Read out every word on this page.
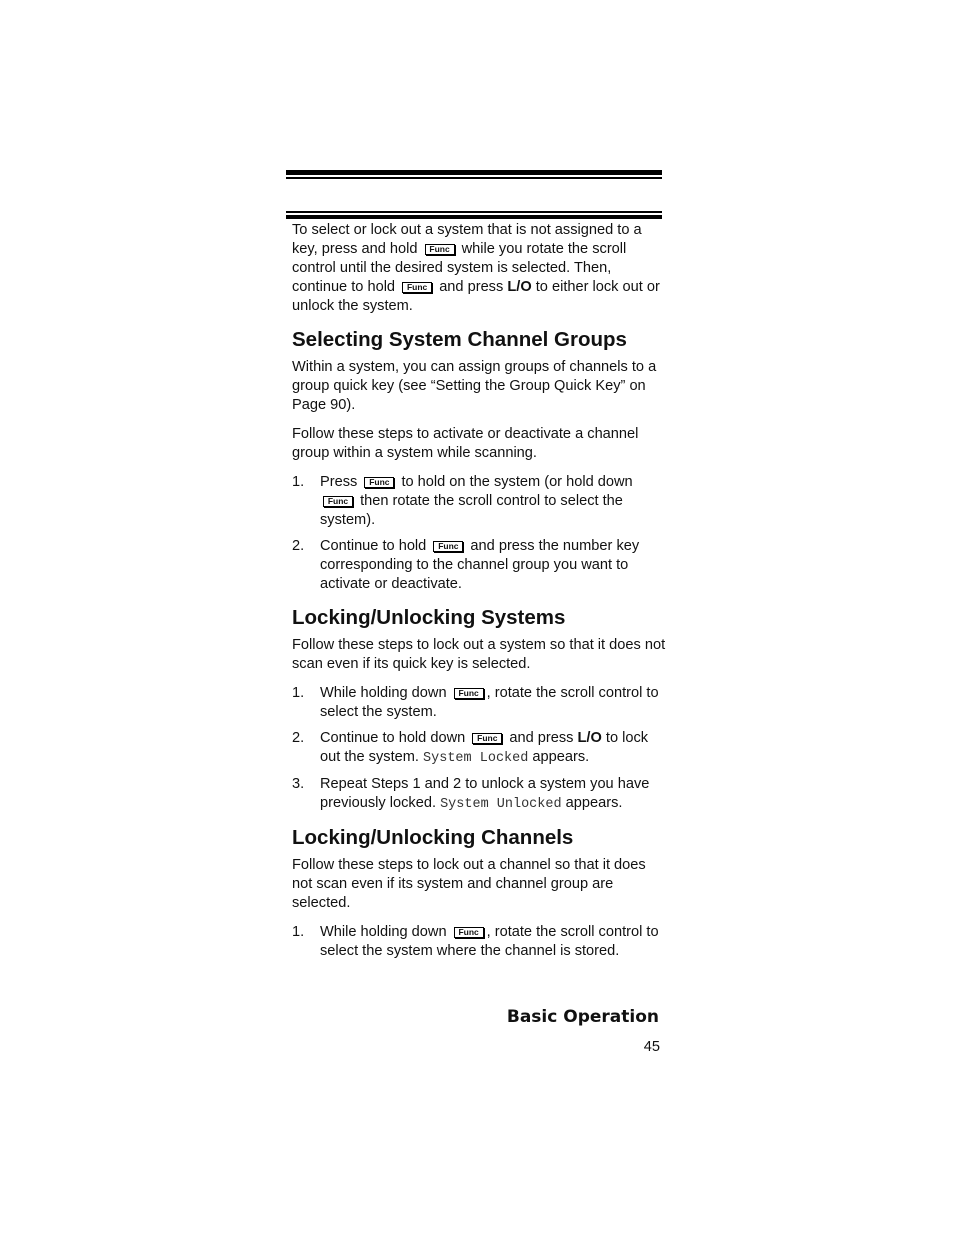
To select or lock out a system that is not assigned to a key, press and hold Func while you rotate the scroll control until the desired system is selected. Then, continue to hold Func and press L/O to either lock out or unlock the system.

Selecting System Channel Groups

Within a system, you can assign groups of channels to a group quick key (see “Setting the Group Quick Key” on Page 90).

Follow these steps to activate or deactivate a channel group within a system while scanning.

1. Press Func to hold on the system (or hold down Func then rotate the scroll control to select the system).
2. Continue to hold Func and press the number key corresponding to the channel group you want to activate or deactivate.
Locking/Unlocking Systems

Follow these steps to lock out a system so that it does not scan even if its quick key is selected.

1. While holding down Func , rotate the scroll control to select the system.
2. Continue to hold down Func and press L/O to lock out the system. System Locked appears.
3. Repeat Steps 1 and 2 to unlock a system you have previously locked. System Unlocked appears.
Locking/Unlocking Channels

Follow these steps to lock out a channel so that it does not scan even if its system and channel group are selected.

1. While holding down Func , rotate the scroll control to select the system where the channel is stored.
Basic Operation
45
